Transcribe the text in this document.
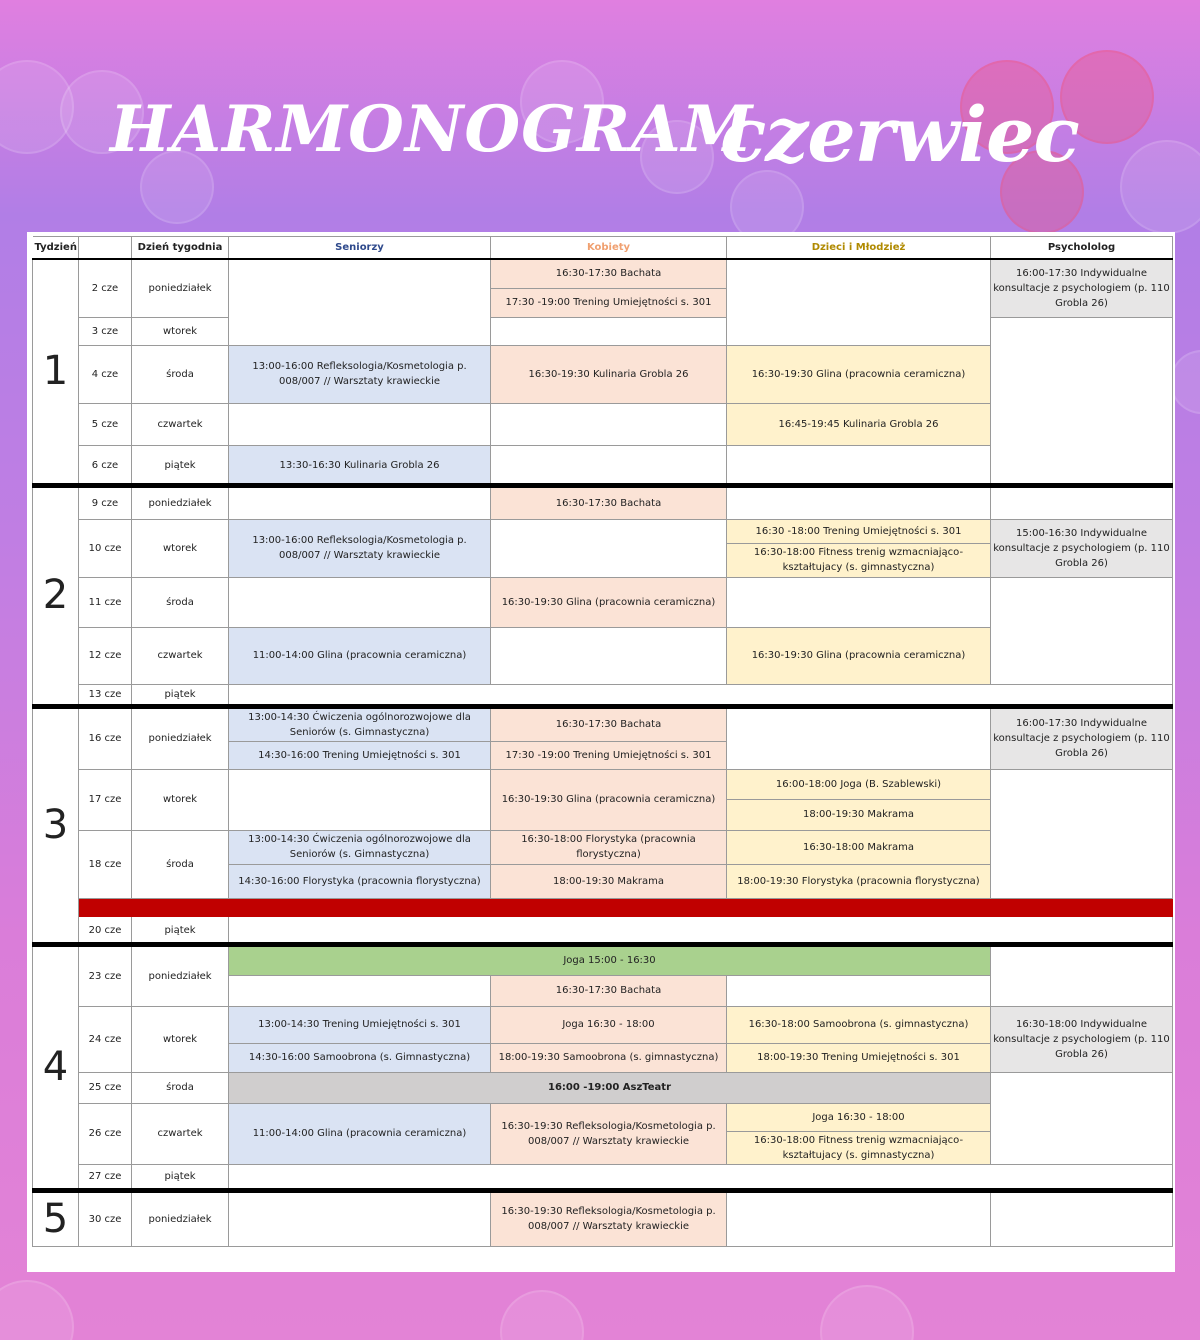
HARMONOGRAM
czerwiec
Tydzień		Dzień tygodnia	Seniorzy	Kobiety	Dzieci i Młodzież	Psychololog
1	2 cze	poniedziałek		16:30-17:30 Bachata		16:00-17:30 Indywidualne konsultacje z psychologiem (p. 110 Grobla 26)
				17:30 -19:00 Trening Umiejętności s. 301		
	3 cze	wtorek				
	4 cze	środa	13:00-16:00 Refleksologia/Kosmetologia p. 008/007 // Warsztaty krawieckie	16:30-19:30 Kulinaria Grobla 26	16:30-19:30 Glina (pracownia ceramiczna)	
	5 cze	czwartek			16:45-19:45 Kulinaria Grobla 26	
	6 cze	piątek	13:30-16:30 Kulinaria Grobla 26			

2	9 cze	poniedziałek		16:30-17:30 Bachata		
	10 cze	wtorek	13:00-16:00 Refleksologia/Kosmetologia p. 008/007 // Warsztaty krawieckie		16:30 -18:00 Trening Umiejętności s. 301	15:00-16:30 Indywidualne konsultacje z psychologiem (p. 110 Grobla 26)
					16:30-18:00 Fitness trenig wzmacniająco-kształtujacy (s. gimnastyczna)	
	11 cze	środa		16:30-19:30 Glina (pracownia ceramiczna)		
	12 cze	czwartek	11:00-14:00 Glina (pracownia ceramiczna)		16:30-19:30 Glina (pracownia ceramiczna)	
	13 cze	piątek				
3	16 cze	poniedziałek	13:00-14:30 Ćwiczenia ogólnorozwojowe dla Seniorów (s. Gimnastyczna)	16:30-17:30 Bachata		16:00-17:30 Indywidualne konsultacje z psychologiem (p. 110 Grobla 26)
			14:30-16:00 Trening Umiejętności s. 301	17:30 -19:00 Trening Umiejętności s. 301		
	17 cze	wtorek		16:30-19:30 Glina (pracownia ceramiczna)	16:00-18:00 Joga (B. Szablewski)	
					18:00-19:30 Makrama	
	18 cze	środa	13:00-14:30 Ćwiczenia ogólnorozwojowe dla Seniorów (s. Gimnastyczna)	16:30-18:00 Florystyka (pracownia florystyczna)	16:30-18:00 Makrama	
			14:30-16:00 Florystyka (pracownia florystyczna)	18:00-19:30 Makrama	18:00-19:30 Florystyka (pracownia florystyczna)	
	19 cze	czwartek				
	20 cze	piątek				

4	23 cze	poniedziałek	Joga 15:00 - 16:30			
				16:30-17:30 Bachata		
	24 cze	wtorek	13:00-14:30 Trening Umiejętności s. 301	Joga 16:30 - 18:00	16:30-18:00 Samoobrona (s. gimnastyczna)	16:30-18:00 Indywidualne konsultacje z psychologiem (p. 110 Grobla 26)
			14:30-16:00 Samoobrona (s. Gimnastyczna)	18:00-19:30 Samoobrona (s. gimnastyczna)	18:00-19:30 Trening Umiejętności s. 301	
	25 cze	środa	16:00 -19:00 AszTeatr			
	26 cze	czwartek	11:00-14:00 Glina (pracownia ceramiczna)	16:30-19:30 Refleksologia/Kosmetologia p. 008/007 // Warsztaty krawieckie	Joga 16:30 - 18:00	
					16:30-18:00 Fitness trenig wzmacniająco-kształtujacy (s. gimnastyczna)	
	27 cze	piątek				
5	30 cze	poniedziałek		16:30-19:30 Refleksologia/Kosmetologia p. 008/007 // Warsztaty krawieckie		
